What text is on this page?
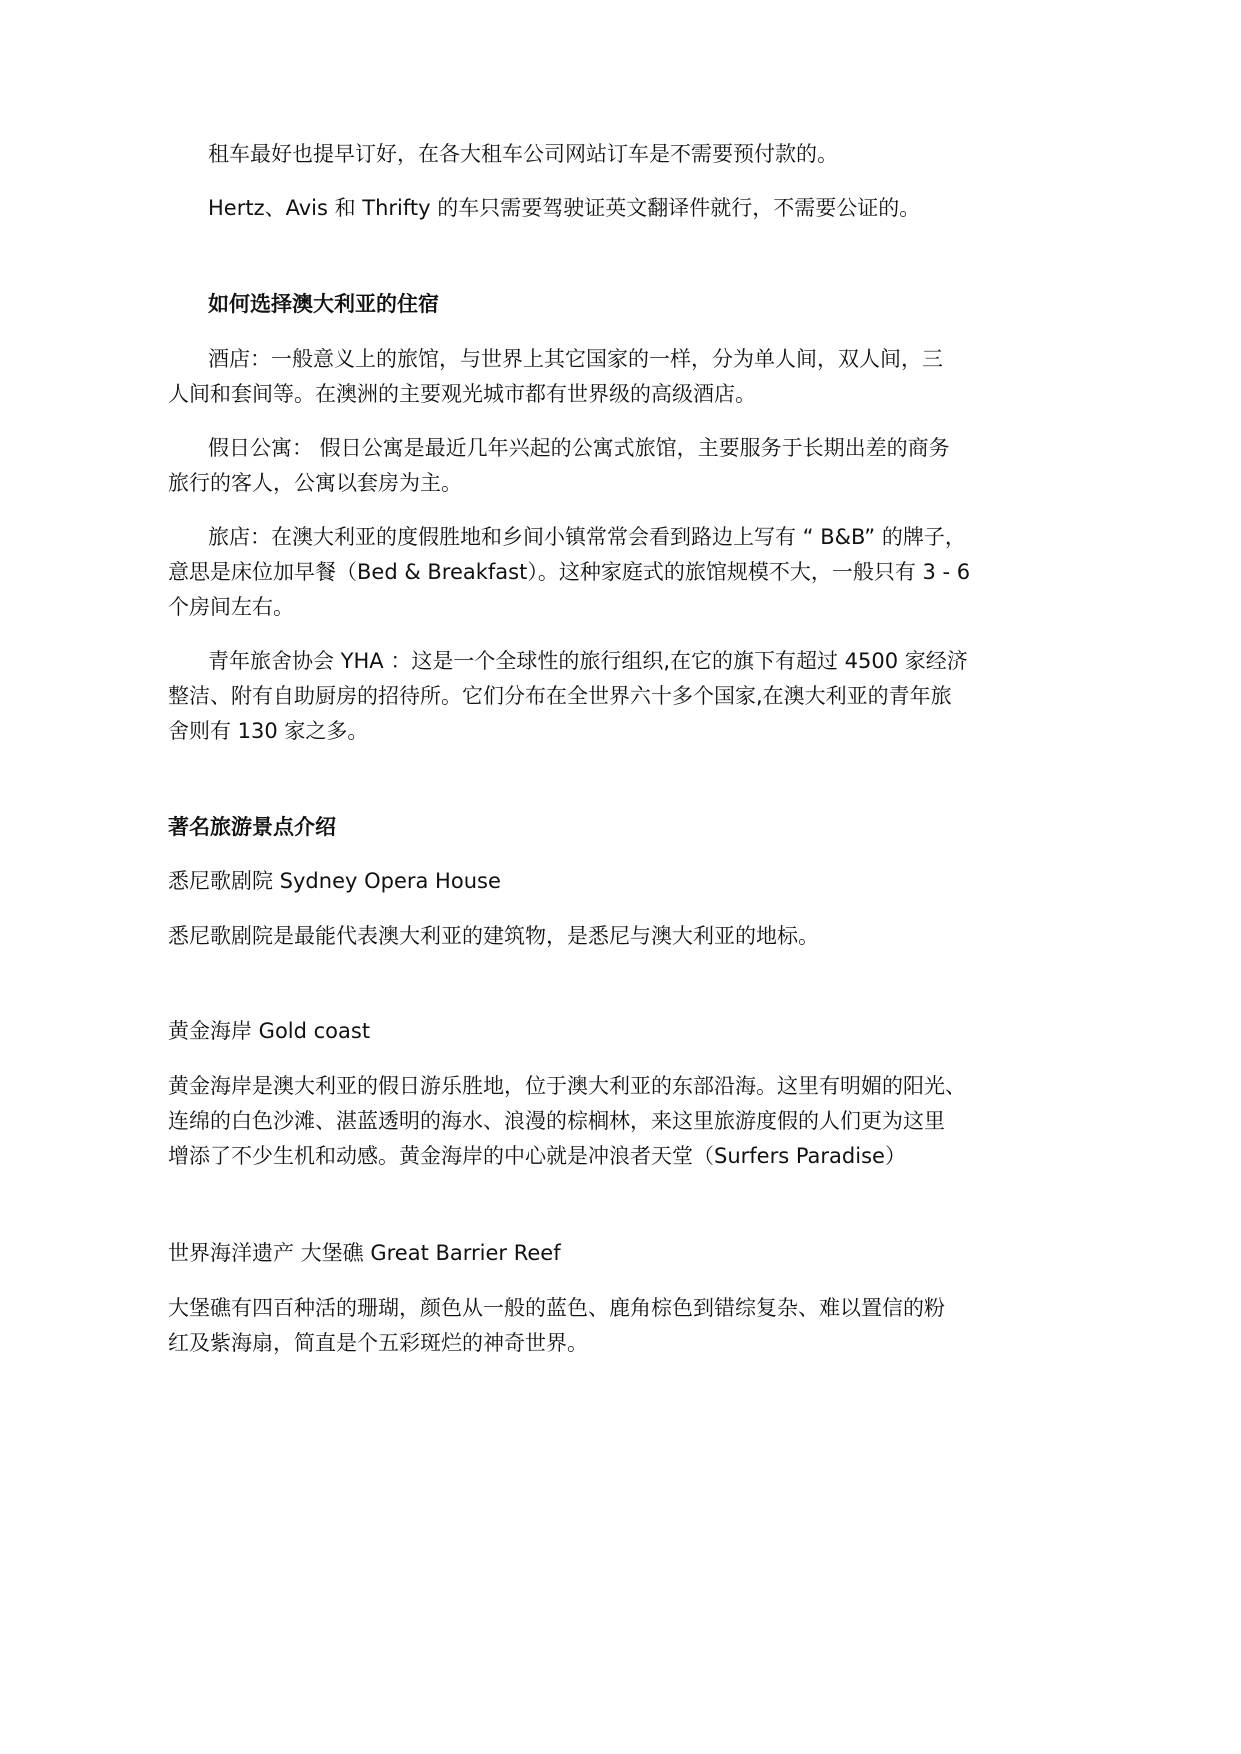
租车最好也提早订好，在各大租车公司网站订车是不需要预付款的。

Hertz、Avis 和 Thrifty 的车只需要驾驶证英文翻译件就行，不需要公证的。

如何选择澳大利亚的住宿

酒店：一般意义上的旅馆，与世界上其它国家的一样，分为单人间，双人间，三

人间和套间等。在澳洲的主要观光城市都有世界级的高级酒店。

假日公寓： 假日公寓是最近几年兴起的公寓式旅馆，主要服务于长期出差的商务

旅行的客人，公寓以套房为主。

旅店：在澳大利亚的度假胜地和乡间小镇常常会看到路边上写有 “ B&B” 的牌子，

意思是床位加早餐（Bed & Breakfast）。这种家庭式的旅馆规模不大，一般只有 3 - 6

个房间左右。

青年旅舍协会 YHA ：这是一个全球性的旅行组织,在它的旗下有超过 4500 家经济

整洁、附有自助厨房的招待所。它们分布在全世界六十多个国家,在澳大利亚的青年旅

舍则有 130 家之多。

著名旅游景点介绍

悉尼歌剧院 Sydney Opera House

悉尼歌剧院是最能代表澳大利亚的建筑物，是悉尼与澳大利亚的地标。

黄金海岸 Gold coast

黄金海岸是澳大利亚的假日游乐胜地，位于澳大利亚的东部沿海。这里有明媚的阳光、

连绵的白色沙滩、湛蓝透明的海水、浪漫的棕榈林，来这里旅游度假的人们更为这里

增添了不少生机和动感。黄金海岸的中心就是冲浪者天堂（Surfers Paradise）

世界海洋遗产 大堡礁 Great Barrier Reef

大堡礁有四百种活的珊瑚，颜色从一般的蓝色、鹿角棕色到错综复杂、难以置信的粉

红及紫海扇，简直是个五彩斑烂的神奇世界。
